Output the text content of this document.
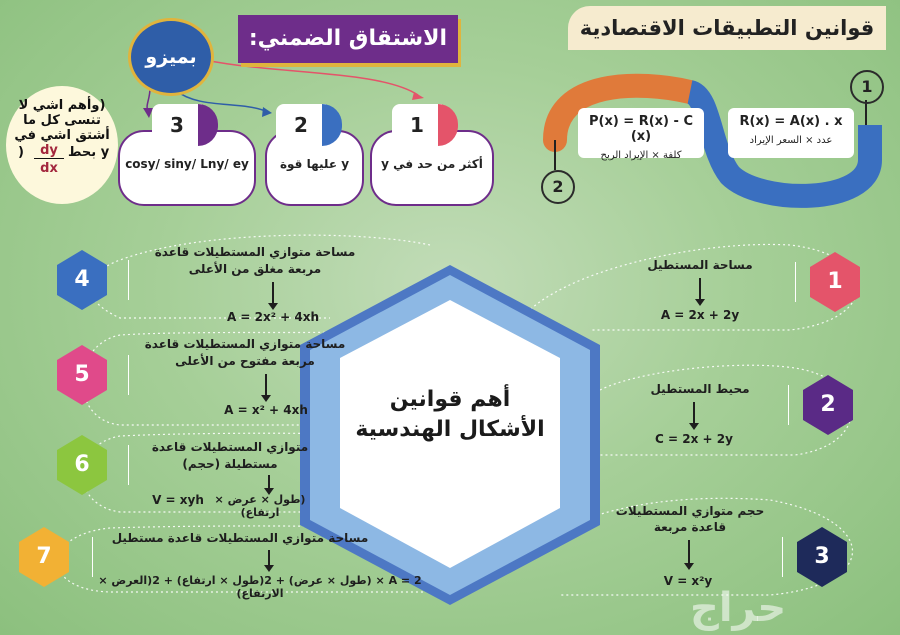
قوانين التطبيقات الاقتصادية
1
2
R(x) = A(x) . x
عدد × السعر الإيراد
P(x) = R(x) - C (x)
كلفة × الإيراد الربح
الاشتقاق الضمني:
بميزو
أكثر من حد في y
1
y عليها قوة
2
cosy/ siny/ Lny/ ey
3
(وأهم اشي لا
تنسى كل ما
أشتق اشي في
)	dy
dx
y بحط
أهم قوانين
الأشكال الهندسية
1
2
3
4
5
6
7
مساحة المستطيل
A = 2x + 2y
محيط المستطيل
C = 2x + 2y
حجم متوازي المستطيلات
قاعدة مربعة
V = x²y
مساحة متوازي المستطيلات قاعدة
مربعة مغلق من الأعلى
A = 2x² + 4xh
مساحة متوازي المستطيلات قاعدة
مربعة مفتوح من الأعلى
A = x² + 4xh
متوازي المستطيلات قاعدة
مستطيلة (حجم)
(طول × عرض × ارتفاع)
V = xyh
مساحة متوازي المستطيلات قاعدة مستطيل
A = 2 × (طول × عرض) + 2(طول × ارتفاع) + 2(العرض × الارتفاع)	حراج
